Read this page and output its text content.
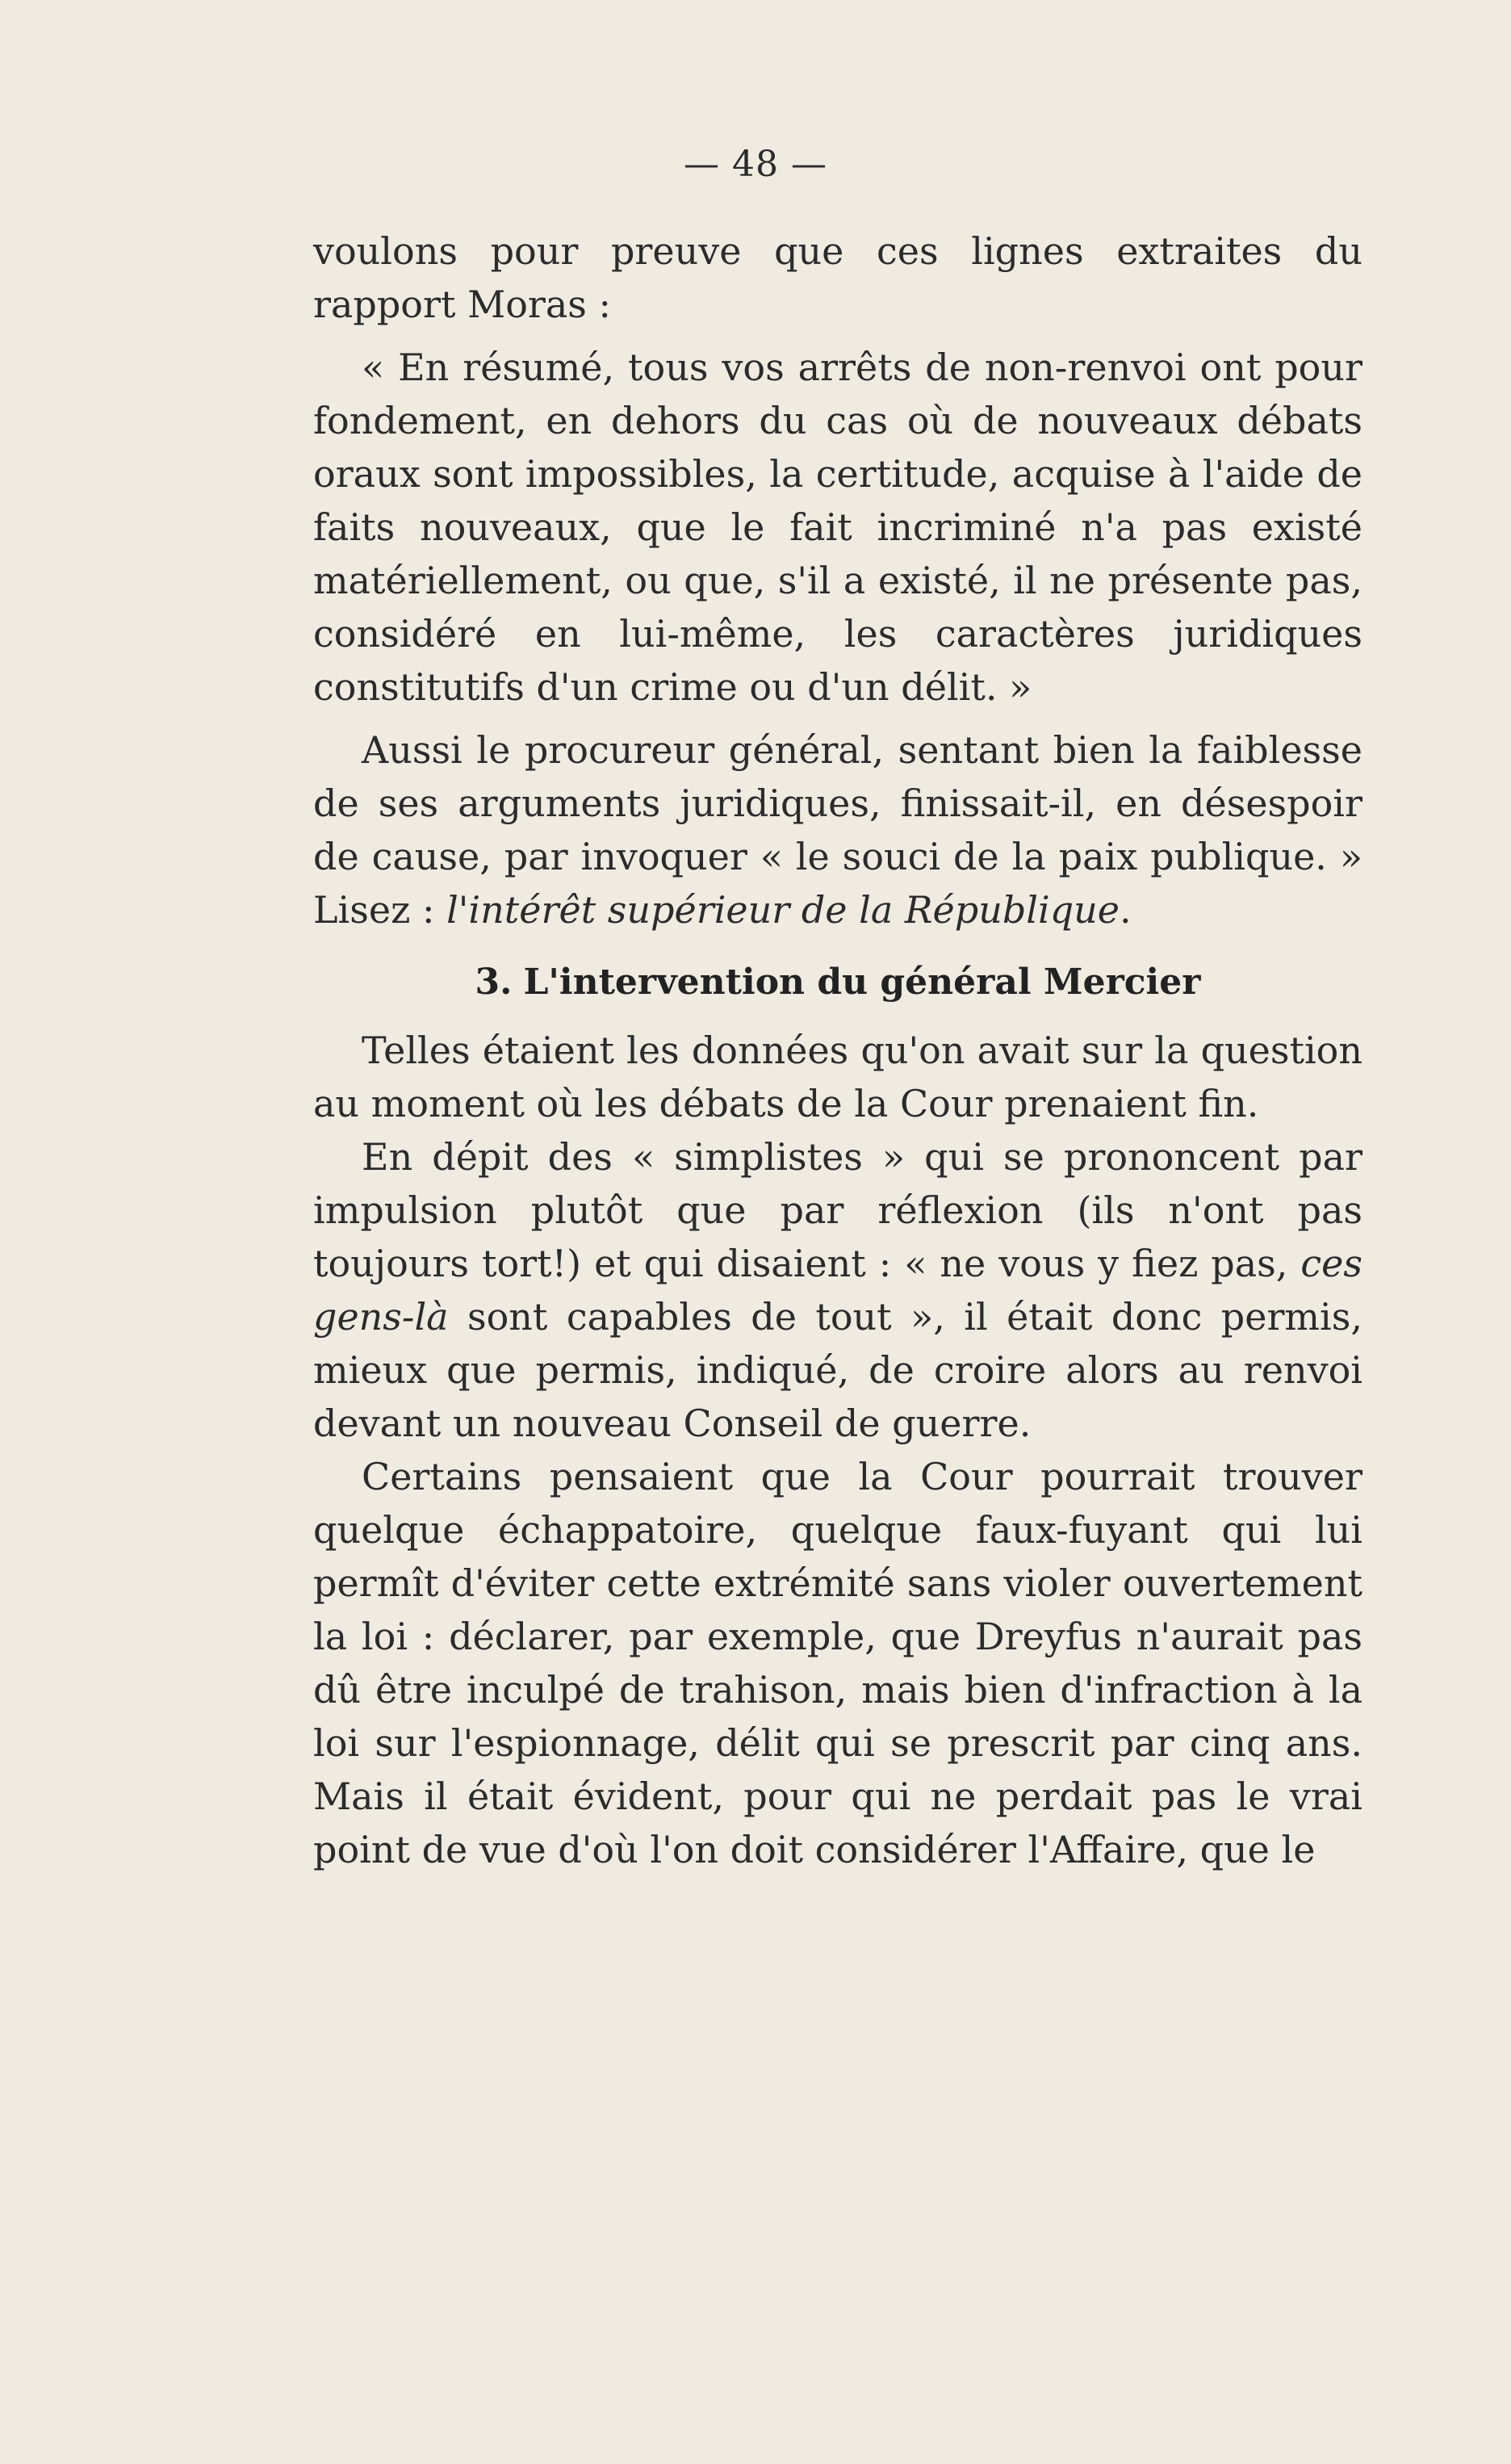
— 48 —

voulons pour preuve que ces lignes extraites du rapport Moras :

« En résumé, tous vos arrêts de non-renvoi ont pour fondement, en dehors du cas où de nouveaux débats oraux sont impossibles, la certitude, acquise à l'aide de faits nouveaux, que le fait incriminé n'a pas existé matériellement, ou que, s'il a existé, il ne présente pas, considéré en lui-même, les caractères juridiques constitutifs d'un crime ou d'un délit. »

Aussi le procureur général, sentant bien la faiblesse de ses arguments juridiques, finissait-il, en désespoir de cause, par invoquer « le souci de la paix publique. » Lisez : l'intérêt supérieur de la République.

3. L'intervention du général Mercier

Telles étaient les données qu'on avait sur la question au moment où les débats de la Cour prenaient fin.

En dépit des « simplistes » qui se prononcent par impulsion plutôt que par réflexion (ils n'ont pas toujours tort!) et qui disaient : « ne vous y fiez pas, ces gens-là sont capables de tout », il était donc permis, mieux que permis, indiqué, de croire alors au renvoi devant un nouveau Conseil de guerre.

Certains pensaient que la Cour pourrait trouver quelque échappatoire, quelque faux-fuyant qui lui permît d'éviter cette extrémité sans violer ouvertement la loi : déclarer, par exemple, que Dreyfus n'aurait pas dû être inculpé de trahison, mais bien d'infraction à la loi sur l'espionnage, délit qui se prescrit par cinq ans. Mais il était évident, pour qui ne perdait pas le vrai point de vue d'où l'on doit considérer l'Affaire, que le
